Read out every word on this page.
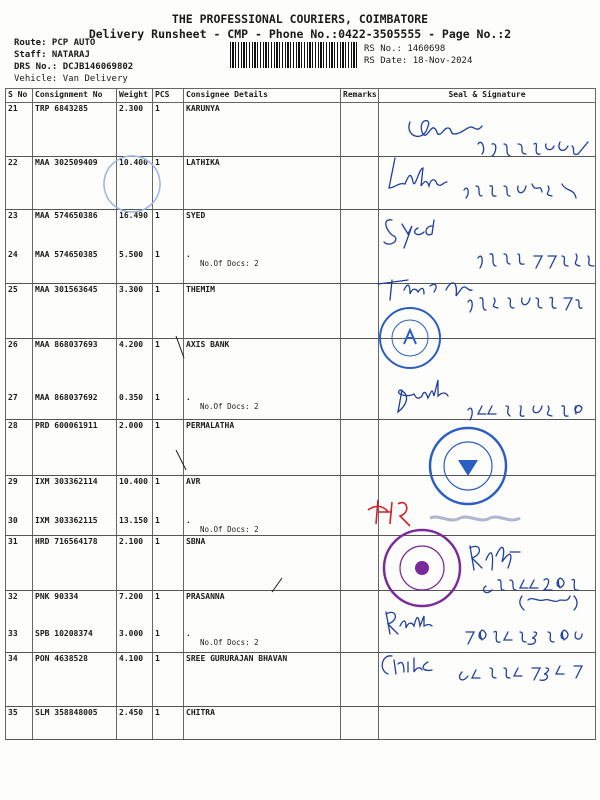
THE PROFESSIONAL COURIERS, COIMBATORE
Delivery Runsheet - CMP - Phone No.:0422-3505555 - Page No.:2
Route: PCP AUTO
Staff: NATARAJ
DRS No.: DCJB146069802
Vehicle: Van Delivery
RS No.: 1460698
RS Date: 18-Nov-2024
S No	Consignment No	Weight	PCS	Consignee Details	Remarks	Seal & Signature

21	TRP 6843285	2.300	1	KARUNYA		

22	MAA 302509409	10.400	1	LATHIKA		

23	MAA 574650386	16.490	1	SYED		

24	MAA 574650385	5.500	1	.
No.Of Docs: 2		

25	MAA 301563645	3.300	1	THEMIM		

26	MAA 868037693	4.200	1	AXIS BANK		

27	MAA 868037692	0.350	1	.
No.Of Docs: 2		

28	PRD 600061911	2.000	1	PERMALATHA		

29	IXM 303362114	10.400	1	AVR		

30	IXM 303362115	13.150	1	.
No.Of Docs: 2		

31	HRD 716564178	2.100	1	SBNA		

32	PNK 90334	7.200	1	PRASANNA		

33	SPB 10208374	3.000	1	.
No.Of Docs: 2		

34	PON 4638528	4.100	1	SREE GURURAJAN BHAVAN		

35	SLM 358848005	2.450	1	CHITRA		
